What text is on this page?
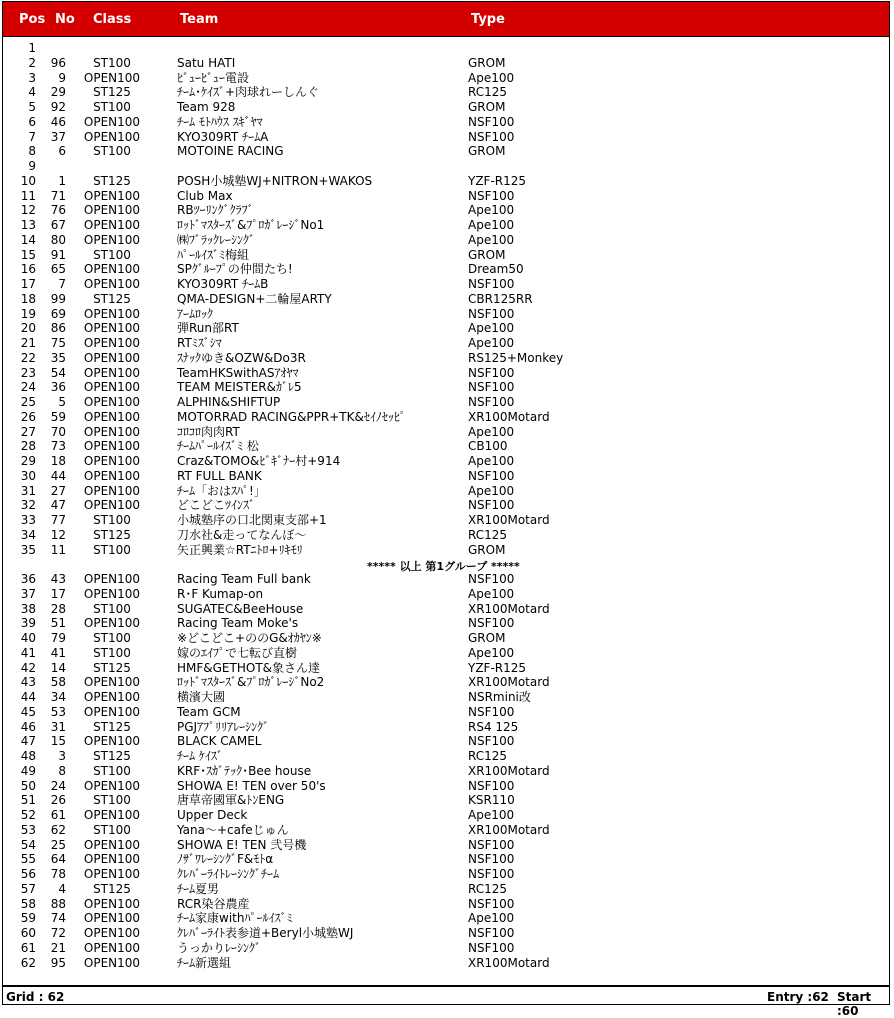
Pos No Class	Team	Type
1
2	96	ST100	Satu HATI	GROM
3	9	OPEN100	ﾋﾞｭｰﾋﾞｭｰ電設	Ape100
4	29	ST125	ﾁｰﾑ･ｹｲｽﾞ+肉球れーしんぐ	RC125
5	92	ST100	Team 928	GROM
6	46	OPEN100	ﾁｰﾑ ﾓﾄﾊｳｽ ｽｷﾞﾔﾏ	NSF100
7	37	OPEN100	KYO309RT ﾁｰﾑA	NSF100
8	6	ST100	MOTOINE RACING	GROM
9
10	1	ST125	POSH小城塾WJ+NITRON+WAKOS	YZF-R125
11	71	OPEN100	Club Max	NSF100
12	76	OPEN100	RBﾂｰﾘﾝｸﾞｸﾗﾌﾞ	Ape100
13	67	OPEN100	ﾛｯﾄﾞﾏｽﾀｰｽﾞ&ﾌﾟﾛｶﾞﾚｰｼﾞNo1	Ape100
14	80	OPEN100	㈱ﾌﾞﾗｯｸﾚｰｼﾝｸﾞ	Ape100
15	91	ST100	ﾊﾟｰﾙｲｽﾞﾐ梅組	GROM
16	65	OPEN100	SPｸﾞﾙｰﾌﾟの仲間たち!	Dream50
17	7	OPEN100	KYO309RT ﾁｰﾑB	NSF100
18	99	ST125	QMA-DESIGN+二輪屋ARTY	CBR125RR
19	69	OPEN100	ｱｰﾑﾛｯｸ	NSF100
20	86	OPEN100	弾Run部RT	Ape100
21	75	OPEN100	RTﾐｽﾞｼﾏ	Ape100
22	35	OPEN100	ｽﾅｯｸゆき&OZW&Do3R	RS125+Monkey
23	54	OPEN100	TeamHKSwithASｱｵﾔﾏ	NSF100
24	36	OPEN100	TEAM MEISTER&ｶﾞﾚ5	NSF100
25	5	OPEN100	ALPHIN&SHIFTUP	NSF100
26	59	OPEN100	MOTORRAD RACING&PPR+TK&ｾｲﾉｾｯﾋﾟ	XR100Motard
27	70	OPEN100	ｺﾛｺﾛ肉肉RT	Ape100
28	73	OPEN100	ﾁｰﾑﾊﾟｰﾙｲｽﾞﾐ 松	CB100
29	18	OPEN100	Craz&TOMO&ﾋﾞｷﾞﾅｰ村+914	Ape100
30	44	OPEN100	RT FULL BANK	NSF100
31	27	OPEN100	ﾁｰﾑ「おはｽﾊﾟ!」	Ape100
32	47	OPEN100	どこどこﾂｲﾝｽﾞ	NSF100
33	77	ST100	小城塾序の口北関東支部+1	XR100Motard
34	12	ST125	刀水社&走ってなんぼ～	RC125
35	11	ST100	矢正興業☆RTﾆﾄﾛ+ﾘｷﾓﾘ	GROM
36	43	OPEN100	Racing Team Full bank	NSF100
37	17	OPEN100	R･F Kumap-on	Ape100
38	28	ST100	SUGATEC&BeeHouse	XR100Motard
39	51	OPEN100	Racing Team Moke's	NSF100
40	79	ST100	※どこどこ+ののG&ｵｶﾔﾝ※	GROM
41	41	ST100	嫁のｴｲﾌﾟで七転び直樹	Ape100
42	14	ST125	HMF&GETHOT&象さん達	YZF-R125
43	58	OPEN100	ﾛｯﾄﾞﾏｽﾀｰｽﾞ&ﾌﾟﾛｶﾞﾚｰｼﾞNo2	XR100Motard
44	34	OPEN100	横濱大國	NSRmini改
45	53	OPEN100	Team GCM	NSF100
46	31	ST125	PGJｱﾌﾟﾘﾘｱﾚｰｼﾝｸﾞ	RS4 125
47	15	OPEN100	BLACK CAMEL	NSF100
48	3	ST125	ﾁｰﾑ ｹｲｽﾞ	RC125
49	8	ST100	KRF･ｽｶﾞﾃｯｸ･Bee house	XR100Motard
50	24	OPEN100	SHOWA E! TEN over 50's	NSF100
51	26	ST100	唐草帝國軍&ﾄﾝENG	KSR110
52	61	OPEN100	Upper Deck	Ape100
53	62	ST100	Yana～+cafeじゅん	XR100Motard
54	25	OPEN100	SHOWA E! TEN 弐号機	NSF100
55	64	OPEN100	ﾉｻﾞﾜﾚｰｼﾝｸﾞF&ﾓﾄα	NSF100
56	78	OPEN100	ｸﾚﾊﾞｰﾗｲﾄﾚｰｼﾝｸﾞﾁｰﾑ	NSF100
57	4	ST125	ﾁｰﾑ夏男	RC125
58	88	OPEN100	RCR染谷農産	NSF100
59	74	OPEN100	ﾁｰﾑ家康withﾊﾟｰﾙｲｽﾞﾐ	Ape100
60	72	OPEN100	ｸﾚﾊﾞｰﾗｲﾄ表参道+Beryl小城塾WJ	NSF100
61	21	OPEN100	うっかりﾚｰｼﾝｸﾞ	NSF100
62	95	OPEN100	ﾁｰﾑ新選組	XR100Motard
***** 以上 第1グループ *****
Grid : 62	Entry :62 Start :60
